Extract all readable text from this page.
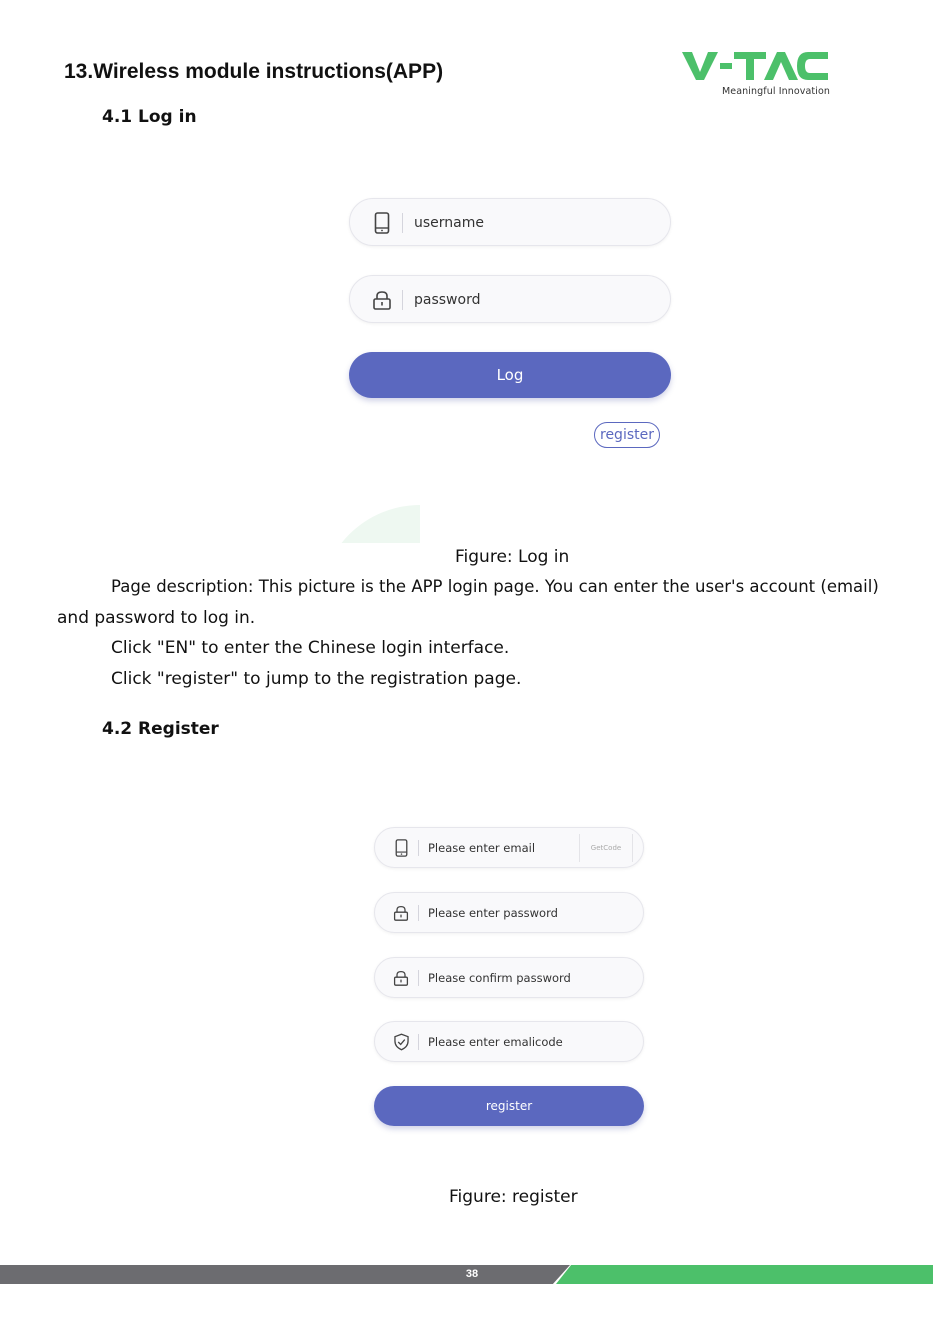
13.Wireless module instructions(APP)
Meaningful Innovation
4.1 Log in
username
password
Log
register
Figure: Log in
Page description: This picture is the APP login page. You can enter the user's account (email)
and password to log in.
Click "EN" to enter the Chinese login interface.
Click "register" to jump to the registration page.
4.2 Register
Please enter email
GetCode
Please enter password
Please confirm password
Please enter emalicode
register
Figure: register
38
